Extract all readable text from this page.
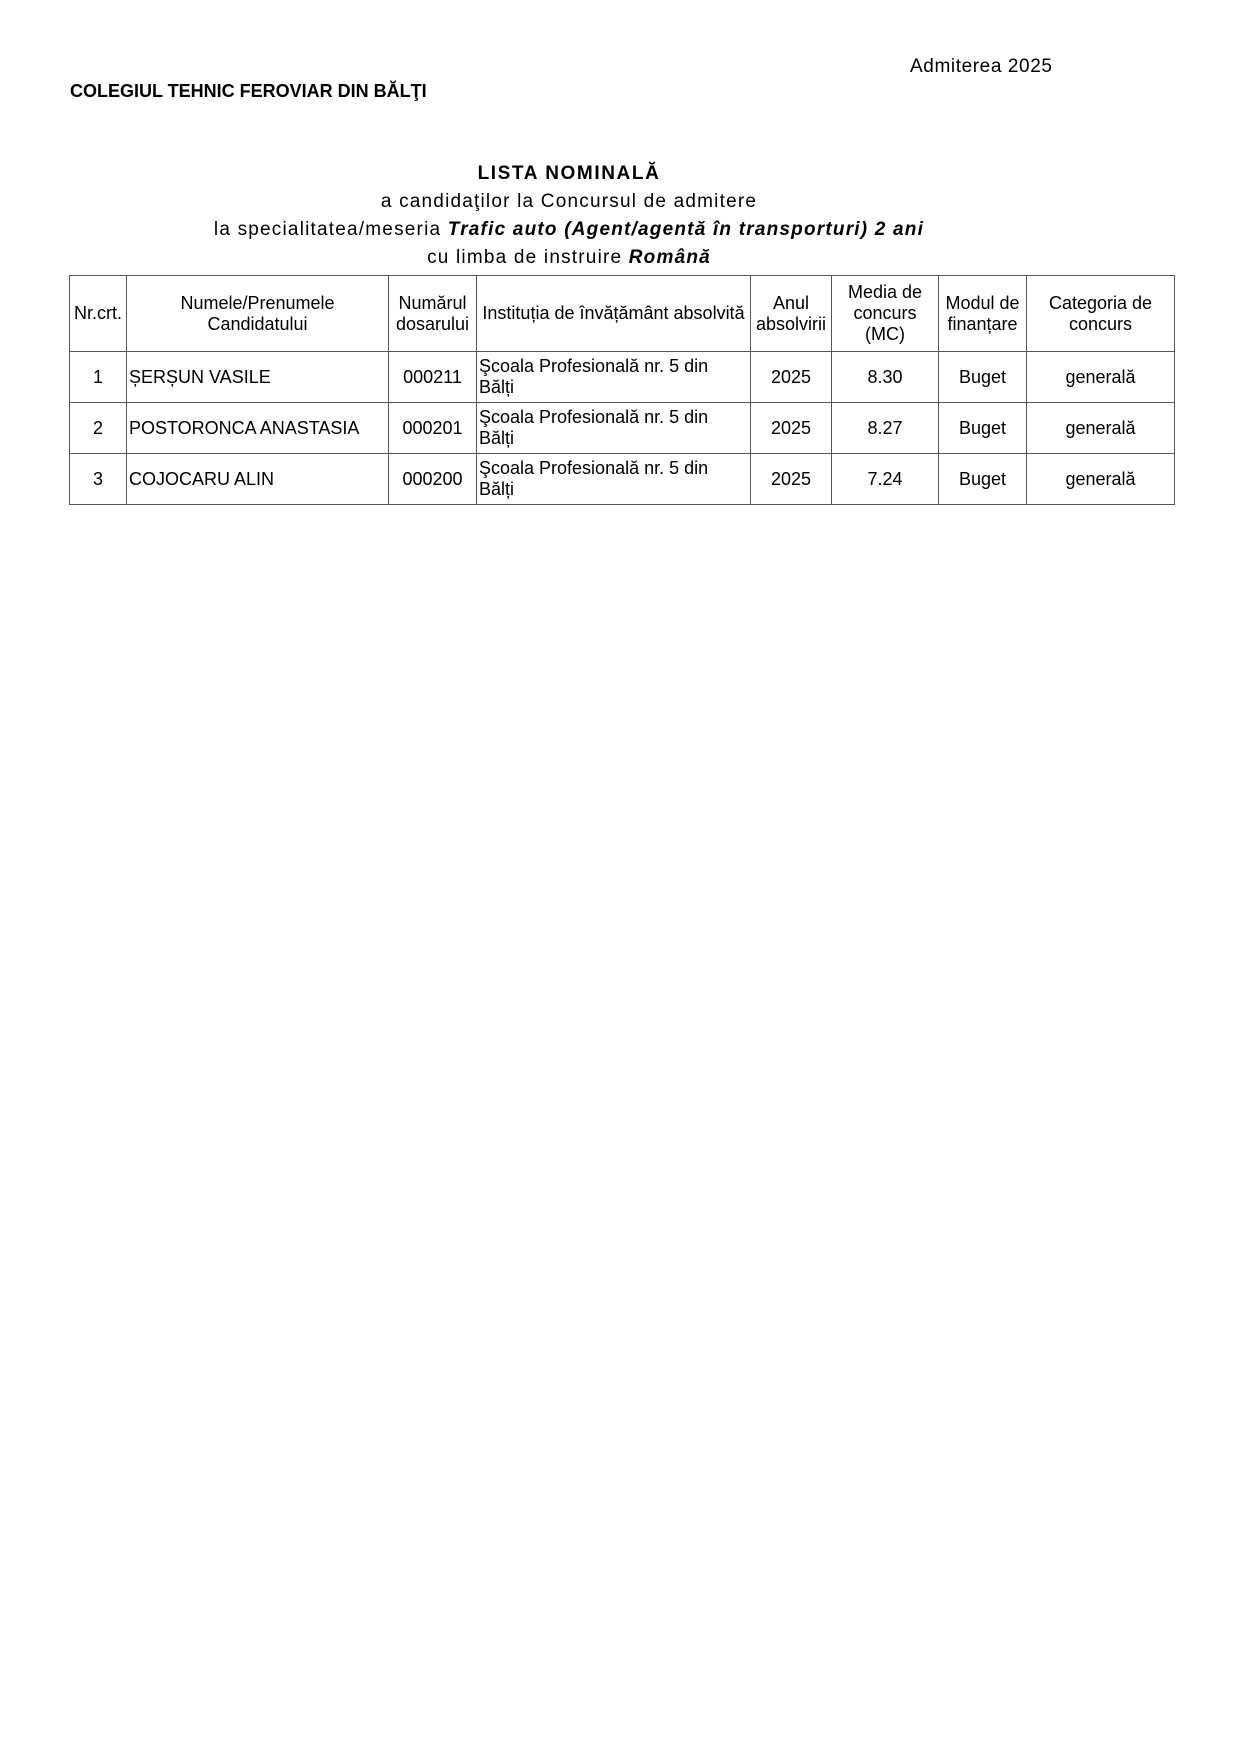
Admiterea 2025
COLEGIUL TEHNIC FEROVIAR DIN BĂLŢI
LISTA NOMINALĂ
a candidaţilor la Concursul de admitere
la specialitatea/meseria Trafic auto (Agent/agentă în transporturi) 2 ani
cu limba de instruire Română
Nr.crt.	Numele/Prenumele Candidatului	Numărul dosarului	Instituția de învățământ absolvită	Anul absolvirii	Media de concurs (MC)	Modul de finanțare	Categoria de concurs
1	ȘERȘUN VASILE	000211	Şcoala Profesională nr. 5 din Bălți	2025	8.30	Buget	generală
2	POSTORONCA ANASTASIA	000201	Şcoala Profesională nr. 5 din Bălți	2025	8.27	Buget	generală
3	COJOCARU ALIN	000200	Şcoala Profesională nr. 5 din Bălți	2025	7.24	Buget	generală
